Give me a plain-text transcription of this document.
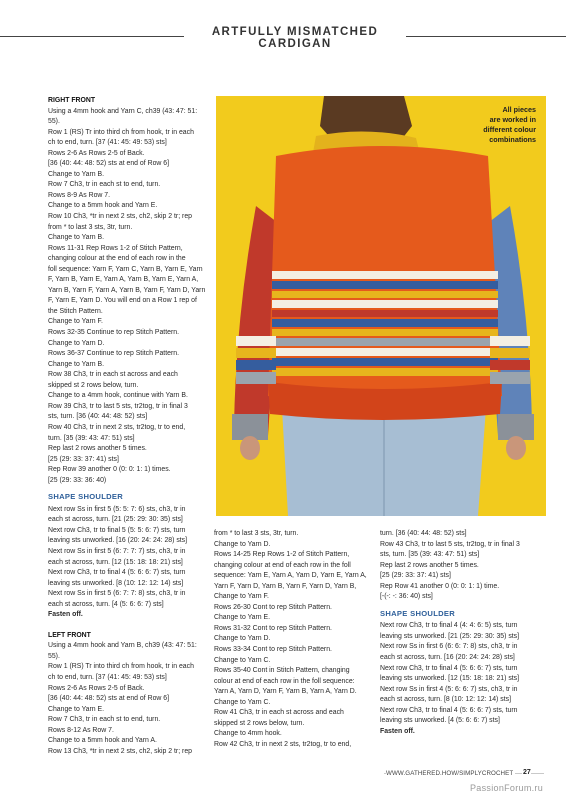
ARTFULLY MISMATCHED CARDIGAN

RIGHT FRONT

Using a 4mm hook and Yarn C, ch39 (43: 47: 51:

55).

Row 1 (RS) Tr into third ch from hook, tr in each

ch to end, turn. [37 (41: 45: 49: 53) sts]

Rows 2-6 As Rows 2-5 of Back.

[36 (40: 44: 48: 52) sts at end of Row 6]

Change to Yarn B.

Row 7 Ch3, tr in each st to end, turn.

Rows 8-9 As Row 7.

Change to a 5mm hook and Yarn E.

Row 10 Ch3, *tr in next 2 sts, ch2, skip 2 tr; rep

from * to last 3 sts, 3tr, turn.

Change to Yarn B.

Rows 11-31 Rep Rows 1-2 of Stitch Pattern,

changing colour at the end of each row in the

foll sequence: Yarn F, Yarn C, Yarn B, Yarn E, Yarn

F, Yarn B, Yarn E, Yarn A, Yarn B, Yarn E, Yarn A,

Yarn B, Yarn F, Yarn A, Yarn B, Yarn F, Yarn D, Yarn

F, Yarn E, Yarn D. You will end on a Row 1 rep of

the Stitch Pattern.

Change to Yarn F.

Rows 32-35 Continue to rep Stitch Pattern.

Change to Yarn D.

Rows 36-37 Continue to rep Stitch Pattern.

Change to Yarn B.

Row 38 Ch3, tr in each st across and each

skipped st 2 rows below, turn.

Change to a 4mm hook, continue with Yarn B.

Row 39 Ch3, tr to last 5 sts, tr2tog, tr in final 3

sts, turn. [36 (40: 44: 48: 52) sts]

Row 40 Ch3, tr in next 2 sts, tr2tog, tr to end,

turn. [35 (39: 43: 47: 51) sts]

Rep last 2 rows another 5 times.

[25 (29: 33: 37: 41) sts]

Rep Row 39 another 0 (0: 0: 1: 1) times.

[25 (29: 33: 36: 40)

SHAPE SHOULDER

Next row Ss in first 5 (5: 5: 7: 6) sts, ch3, tr in

each st across, turn. [21 (25: 29: 30: 35) sts]

Next row Ch3, tr to final 5 (5: 5: 6: 7) sts, turn

leaving sts unworked. [16 (20: 24: 24: 28) sts]

Next row Ss in first 5 (6: 7: 7: 7) sts, ch3, tr in

each st across, turn. [12 (15: 18: 18: 21) sts]

Next row Ch3, tr to final 4 (5: 6: 6: 7) sts, turn

leaving sts unworked. [8 (10: 12: 12: 14) sts]

Next row Ss in first 5 (6: 7: 7: 8) sts, ch3, tr in

each st across, turn. [4 (5: 6: 6: 7) sts]

Fasten off.

LEFT FRONT

Using a 4mm hook and Yarn B, ch39 (43: 47: 51:

55).

Row 1 (RS) Tr into third ch from hook, tr in each

ch to end, turn. [37 (41: 45: 49: 53) sts]

Rows 2-6 As Rows 2-5 of Back.

[36 (40: 44: 48: 52) sts at end of Row 6]

Change to Yarn E.

Row 7 Ch3, tr in each st to end, turn.

Rows 8-12 As Row 7.

Change to a 5mm hook and Yarn A.

Row 13 Ch3, *tr in next 2 sts, ch2, skip 2 tr; rep

from * to last 3 sts, 3tr, turn.

Change to Yarn D.

Rows 14-25 Rep Rows 1-2 of Stitch Pattern,

changing colour at end of each row in the foll

sequence: Yarn E, Yarn A, Yarn D, Yarn E, Yarn A,

Yarn F, Yarn D, Yarn B, Yarn F, Yarn D, Yarn B,

Change to Yarn F.

Rows 26-30 Cont to rep Stitch Pattern.

Change to Yarn E.

Rows 31-32 Cont to rep Stitch Pattern.

Change to Yarn D.

Rows 33-34 Cont to rep Stitch Pattern.

Change to Yarn C.

Rows 35-40 Cont in Stitch Pattern, changing

colour at end of each row in the foll sequence:

Yarn A, Yarn D, Yarn F, Yarn B, Yarn A, Yarn D.

Change to Yarn C.

Row 41 Ch3, tr in each st across and each

skipped st 2 rows below, turn.

Change to 4mm hook.

Row 42 Ch3, tr in next 2 sts, tr2tog, tr to end,

turn. [36 (40: 44: 48: 52) sts]

Row 43 Ch3, tr to last 5 sts, tr2tog, tr in final 3

sts, turn. [35 (39: 43: 47: 51) sts]

Rep last 2 rows another 5 times.

[25 (29: 33: 37: 41) sts]

Rep Row 41 another 0 (0: 0: 1: 1) time.

[-(-: -: 36: 40) sts]

SHAPE SHOULDER

Next row Ch3, tr to final 4 (4: 4: 6: 5) sts, turn

leaving sts unworked. [21 (25: 29: 30: 35) sts]

Next row Ss in first 6 (6: 6: 7: 8) sts, ch3, tr in

each st across, turn. [16 (20: 24: 24: 28) sts]

Next row Ch3, tr to final 4 (5: 6: 6: 7) sts, turn

leaving sts unworked. [12 (15: 18: 18: 21) sts]

Next row Ss in first 4 (5: 6: 6: 7) sts, ch3, tr in

each st across, turn. [8 (10: 12: 12: 14) sts]

Next row Ch3, tr to final 4 (5: 6: 6: 7) sts, turn

leaving sts unworked. [4 (5: 6: 6: 7) sts]

Fasten off.

All pieces
are worked in
different colour
combinations
WWW.GATHERED.HOW/SIMPLYCROCHET 27
PassionForum.ru
